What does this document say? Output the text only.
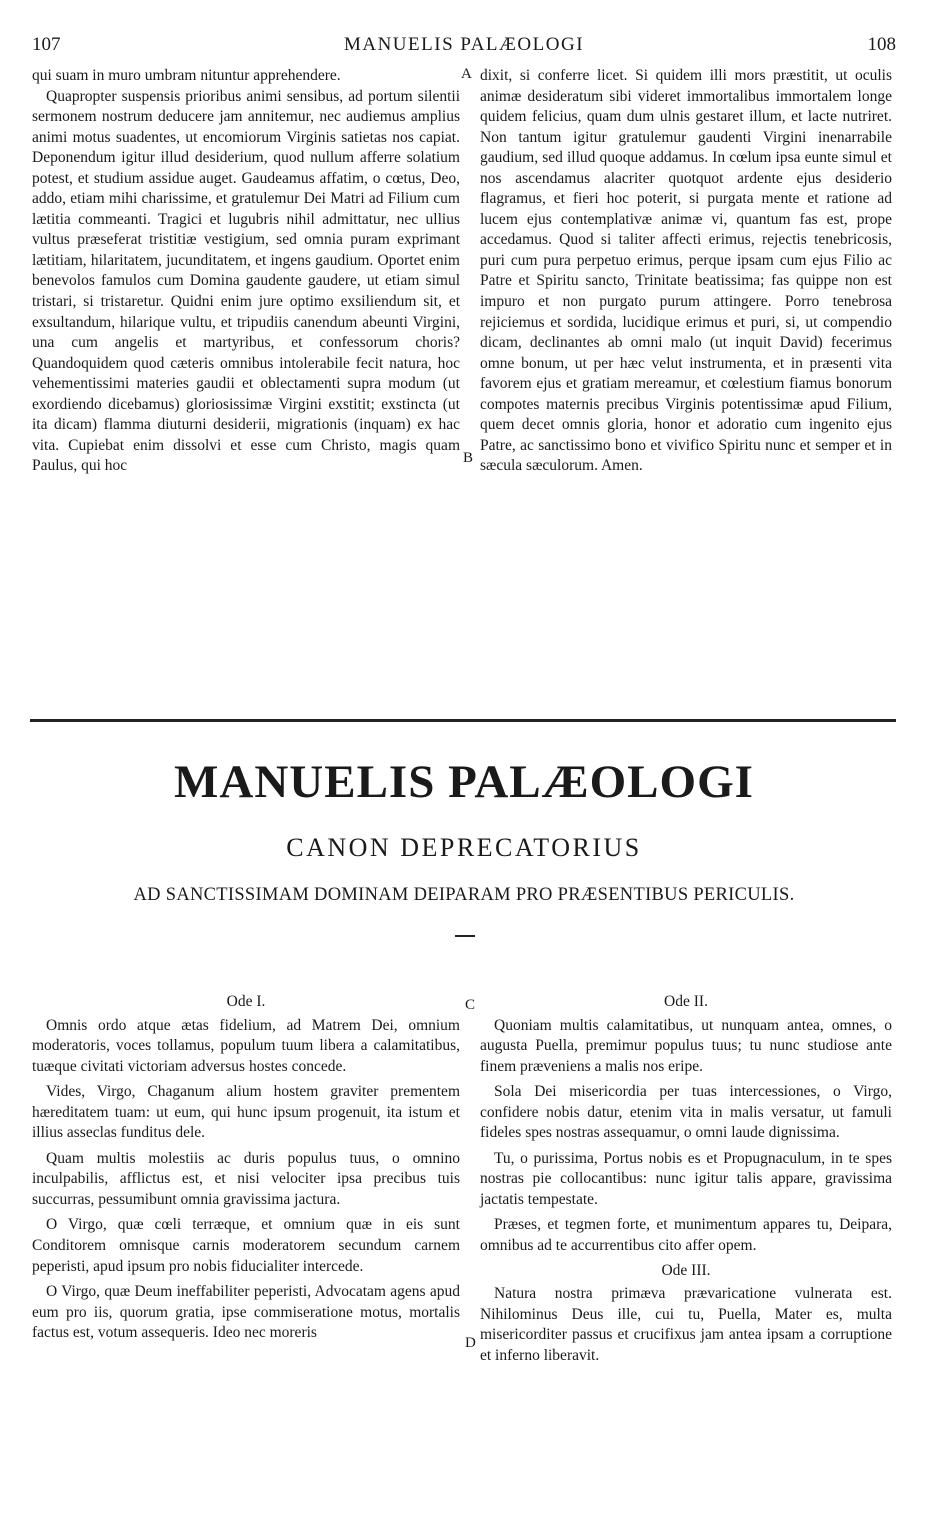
107	MANUELIS PALÆOLOGI	108

qui suam in muro umbram nituntur apprehendere.

Quapropter suspensis prioribus animi sensibus, ad portum silentii sermonem nostrum deducere jam annitemur, nec audiemus amplius animi motus suadentes, ut encomiorum Virginis satietas nos capiat. Deponendum igitur illud desiderium, quod nullum afferre solatium potest, et studium assidue auget. Gaudeamus affatim, o cœtus, Deo, addo, etiam mihi charissime, et gratulemur Dei Matri ad Filium cum lætitia commeanti. Tragici et lugubris nihil admittatur, nec ullius vultus præseferat tristitiæ vestigium, sed omnia puram exprimant lætitiam, hilaritatem, jucunditatem, et ingens gaudium. Oportet enim benevolos famulos cum Domina gaudente gaudere, ut etiam simul tristari, si tristaretur. Quidni enim jure optimo exsiliendum sit, et exsultandum, hilarique vultu, et tripudiis canendum abeunti Virgini, una cum angelis et martyribus, et confessorum choris? Quandoquidem quod cæteris omnibus intolerabile fecit natura, hoc vehementissimi materies gaudii et oblectamenti supra modum (ut exordiendo dicebamus) gloriosissimæ Virgini exstitit; exstincta (ut ita dicam) flamma diuturni desiderii, migrationis (inquam) ex hac vita. Cupiebat enim dissolvi et esse cum Christo, magis quam Paulus, qui hoc

dixit, si conferre licet. Si quidem illi mors præstitit, ut oculis animæ desideratum sibi videret immortalibus immortalem longe quidem felicius, quam dum ulnis gestaret illum, et lacte nutriret. Non tantum igitur gratulemur gaudenti Virgini inenarrabile gaudium, sed illud quoque addamus. In cœlum ipsa eunte simul et nos ascendamus alacriter quotquot ardente ejus desiderio flagramus, et fieri hoc poterit, si purgata mente et ratione ad lucem ejus contemplativæ animæ vi, quantum fas est, prope accedamus. Quod si taliter affecti erimus, rejectis tenebricosis, puri cum pura perpetuo erimus, perque ipsam cum ejus Filio ac Patre et Spiritu sancto, Trinitate beatissima; fas quippe non est impuro et non purgato purum attingere. Porro tenebrosa rejiciemus et sordida, lucidique erimus et puri, si, ut compendio dicam, declinantes ab omni malo (ut inquit David) fecerimus omne bonum, ut per hæc velut instrumenta, et in præsenti vita favorem ejus et gratiam mereamur, et cœlestium fiamus bonorum compotes maternis precibus Virginis potentissimæ apud Filium, quem decet omnis gloria, honor et adoratio cum ingenito ejus Patre, ac sanctissimo bono et vivifico Spiritu nunc et semper et in sæcula sæculorum. Amen.

A
B
C
D
MANUELIS PALÆOLOGI
CANON DEPRECATORIUS
AD SANCTISSIMAM DOMINAM DEIPARAM PRO PRÆSENTIBUS PERICULIS.

Ode I.

Omnis ordo atque ætas fidelium, ad Matrem Dei, omnium moderatoris, voces tollamus, populum tuum libera a calamitatibus, tuæque civitati victoriam adversus hostes concede.

Vides, Virgo, Chaganum alium hostem graviter prementem hæreditatem tuam: ut eum, qui hunc ipsum progenuit, ita istum et illius asseclas funditus dele.

Quam multis molestiis ac duris populus tuus, o omnino inculpabilis, afflictus est, et nisi velociter ipsa precibus tuis succurras, pessumibunt omnia gravissima jactura.

O Virgo, quæ cœli terræque, et omnium quæ in eis sunt Conditorem omnisque carnis moderatorem secundum carnem peperisti, apud ipsum pro nobis fiducialiter intercede.

O Virgo, quæ Deum ineffabiliter peperisti, Advocatam agens apud eum pro iis, quorum gratia, ipse commiseratione motus, mortalis factus est, votum assequeris. Ideo nec moreris

Ode II.

Quoniam multis calamitatibus, ut nunquam antea, omnes, o augusta Puella, premimur populus tuus; tu nunc studiose ante finem præveniens a malis nos eripe.

Sola Dei misericordia per tuas intercessiones, o Virgo, confidere nobis datur, etenim vita in malis versatur, ut famuli fideles spes nostras assequamur, o omni laude dignissima.

Tu, o purissima, Portus nobis es et Propugnaculum, in te spes nostras pie collocantibus: nunc igitur talis appare, gravissima jactatis tempestate.

Præses, et tegmen forte, et munimentum appares tu, Deipara, omnibus ad te accurrentibus cito affer opem.

Ode III.

Natura nostra primæva prævaricatione vulnerata est. Nihilominus Deus ille, cui tu, Puella, Mater es, multa misericorditer passus et crucifixus jam antea ipsam a corruptione et inferno liberavit.
